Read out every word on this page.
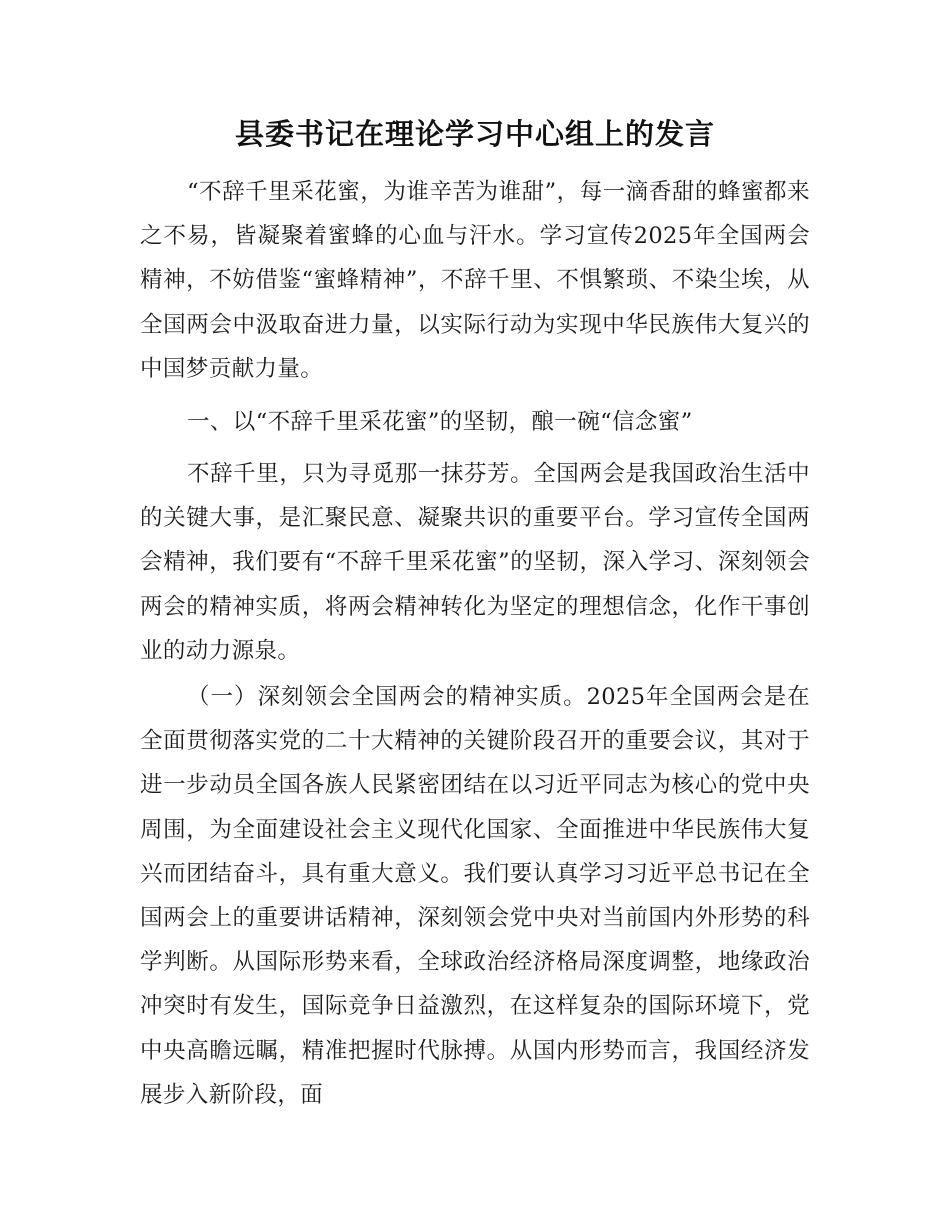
县委书记在理论学习中心组上的发言

“不辞千里采花蜜，为谁辛苦为谁甜”，每一滴香甜的蜂蜜都来之不易，皆凝聚着蜜蜂的心血与汗水。学习宣传2025年全国两会精神，不妨借鉴“蜜蜂精神”，不辞千里、不惧繁琐、不染尘埃，从全国两会中汲取奋进力量，以实际行动为实现中华民族伟大复兴的中国梦贡献力量。

一、以“不辞千里采花蜜”的坚韧，酿一碗“信念蜜”

不辞千里，只为寻觅那一抹芬芳。全国两会是我国政治生活中的关键大事，是汇聚民意、凝聚共识的重要平台。学习宣传全国两会精神，我们要有“不辞千里采花蜜”的坚韧，深入学习、深刻领会两会的精神实质，将两会精神转化为坚定的理想信念，化作干事创业的动力源泉。

（一）深刻领会全国两会的精神实质。2025年全国两会是在全面贯彻落实党的二十大精神的关键阶段召开的重要会议，其对于进一步动员全国各族人民紧密团结在以习近平同志为核心的党中央周围，为全面建设社会主义现代化国家、全面推进中华民族伟大复兴而团结奋斗，具有重大意义。我们要认真学习习近平总书记在全国两会上的重要讲话精神，深刻领会党中央对当前国内外形势的科学判断。从国际形势来看，全球政治经济格局深度调整，地缘政治冲突时有发生，国际竞争日益激烈，在这样复杂的国际环境下，党中央高瞻远瞩，精准把握时代脉搏。从国内形势而言，我国经济发展步入新阶段，面
